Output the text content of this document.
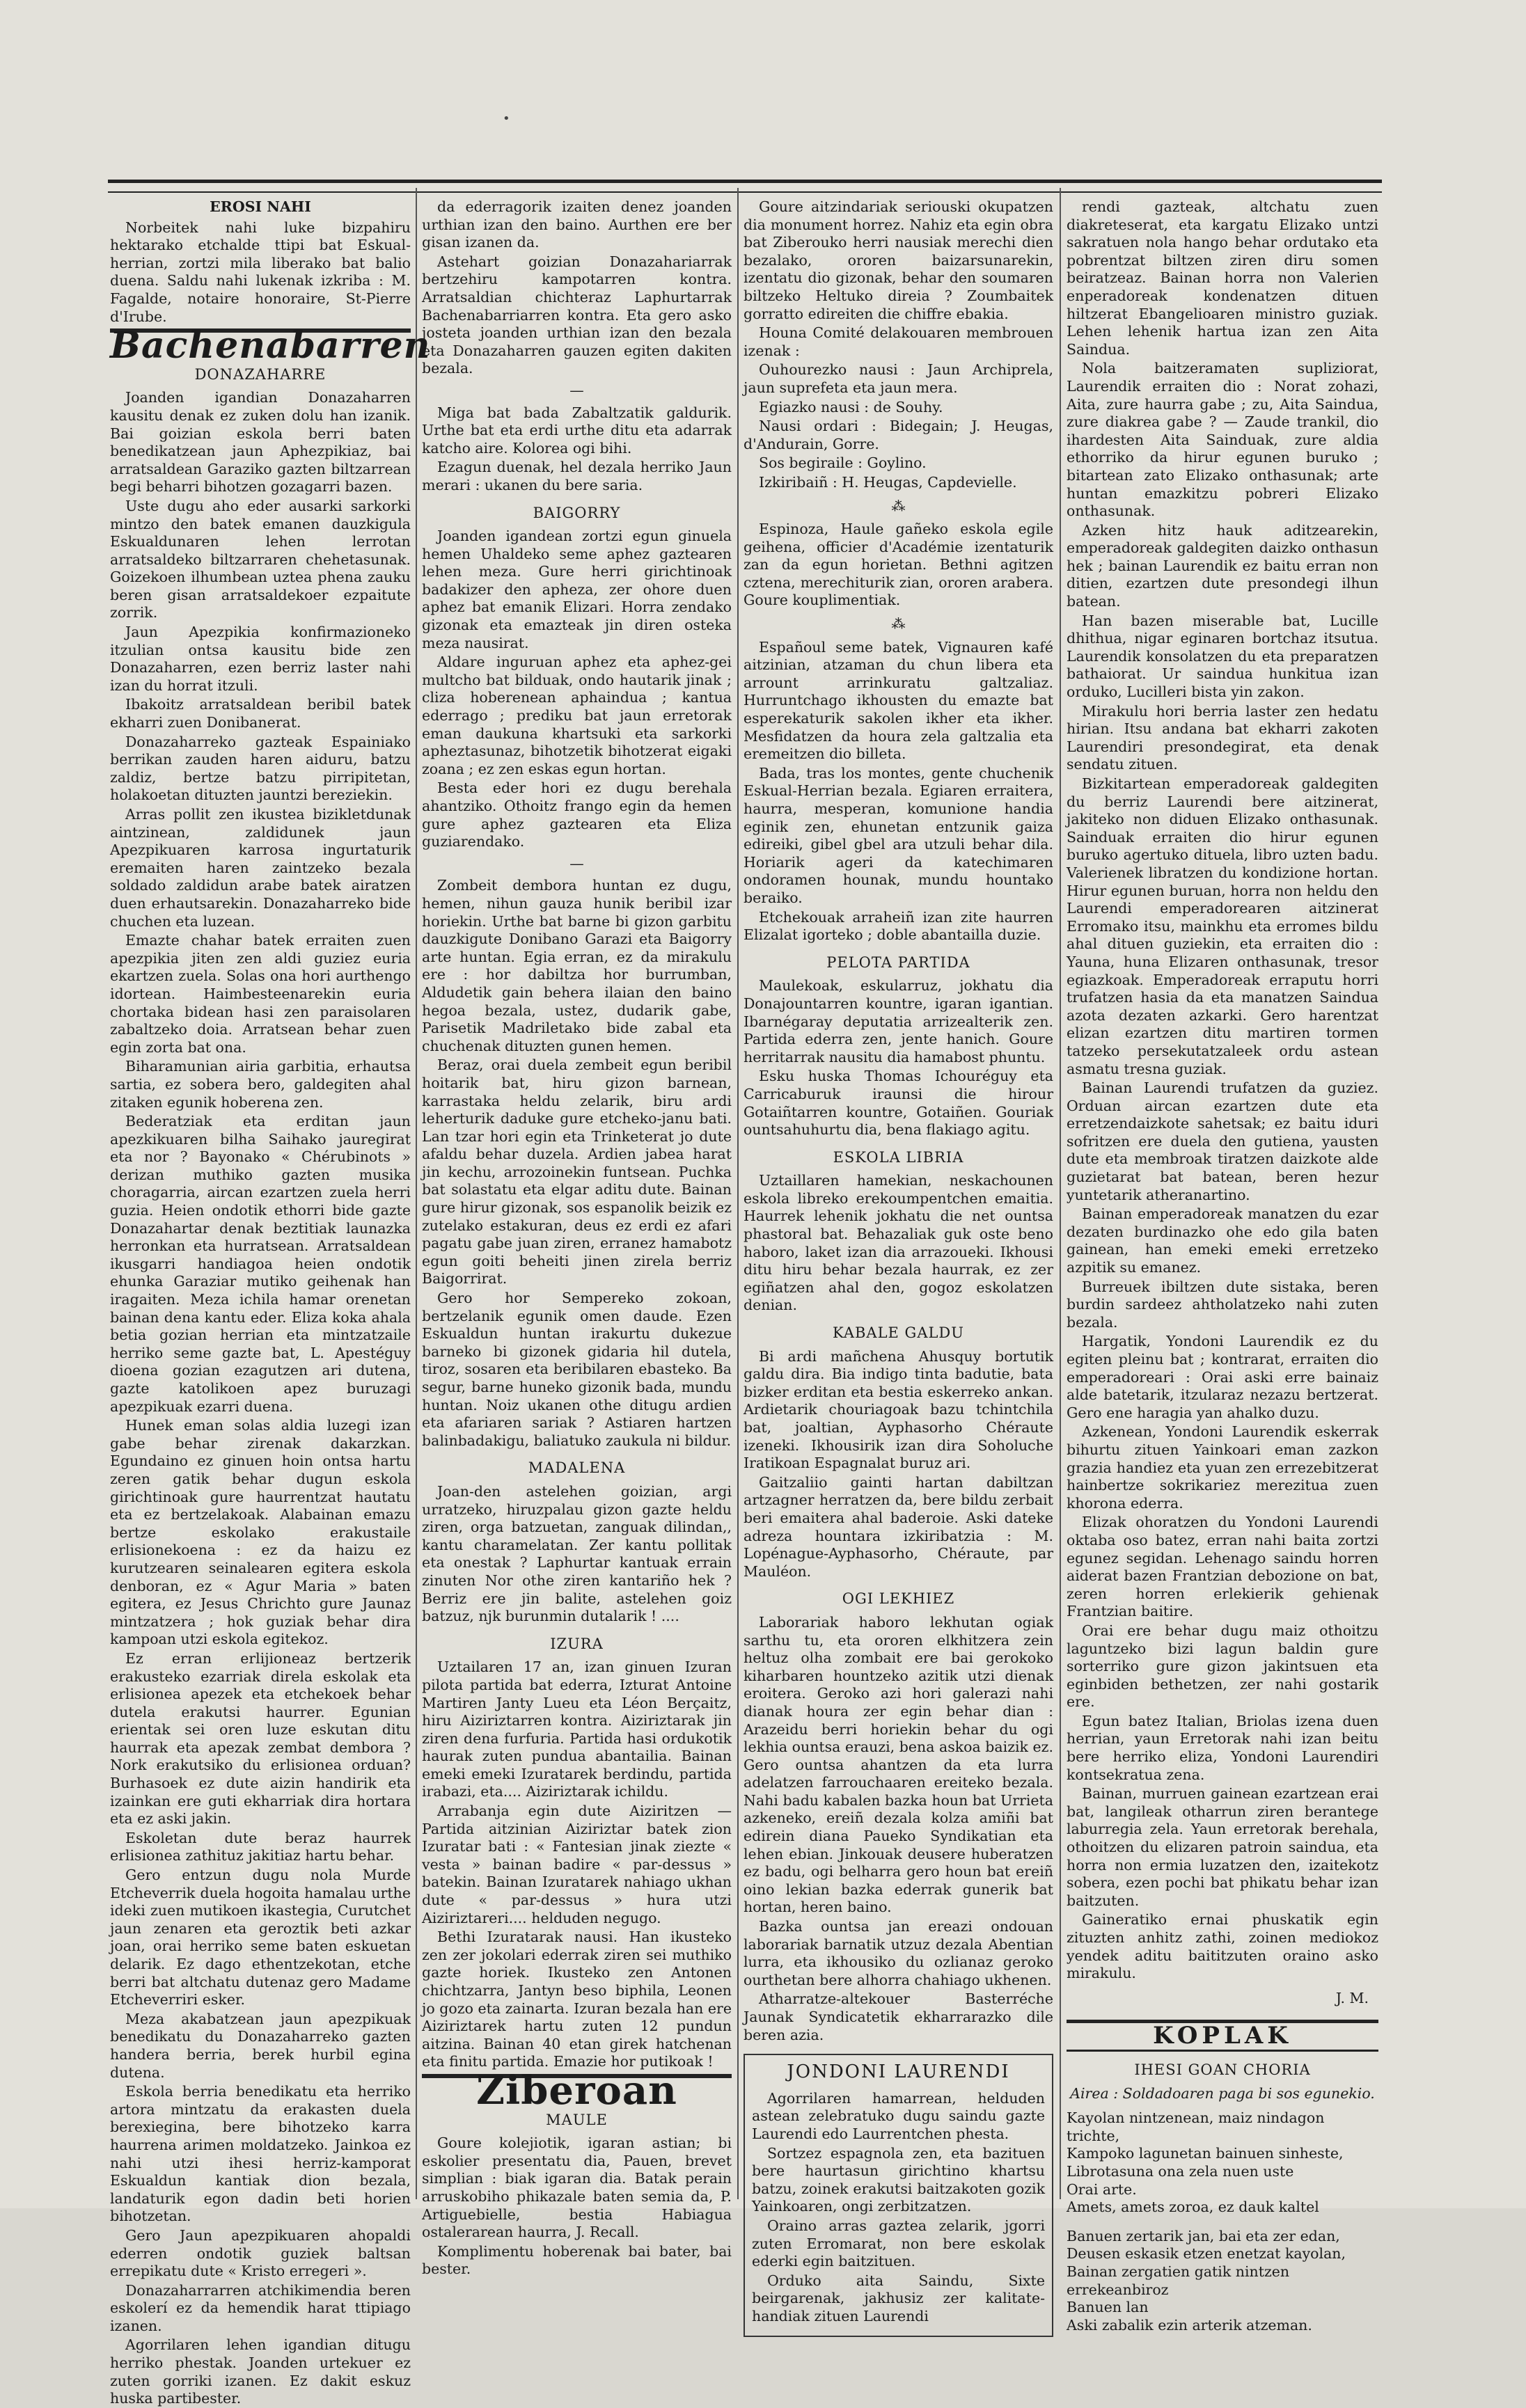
•
EROSI NAHI

Norbeitek nahi luke bizpahiru hektarako etchalde ttipi bat Eskual-herrian, zortzi mila liberako bat balio duena. Saldu nahi lukenak izkriba : M. Fagalde, notaire honoraire, St-Pierre d'Irube.

Bachenabarren
DONAZAHARRE

Joanden igandian Donazaharren kausitu denak ez zuken dolu han izanik. Bai goizian eskola berri baten benedikatzean jaun Aphezpikiaz, bai arratsaldean Garaziko gazten biltzarrean begi beharri bihotzen gozagarri bazen.

Uste dugu aho eder ausarki sarkorki mintzo den batek emanen dauzkigula Eskualdunaren lehen lerrotan arratsaldeko biltzarraren chehetasunak. Goizekoen ilhumbean uztea phena zauku beren gisan arratsaldekoer ezpaitute zorrik.

Jaun Apezpikia konfirmazioneko itzulian ontsa kausitu bide zen Donazaharren, ezen berriz laster nahi izan du horrat itzuli.

Ibakoitz arratsaldean beribil batek ekharri zuen Donibanerat.

Donazaharreko gazteak Espainiako berrikan zauden haren aiduru, batzu zaldiz, bertze batzu pirripitetan, holakoetan dituzten jauntzi bereziekin.

Arras pollit zen ikustea bizikletdunak aintzinean, zaldidunek jaun Apezpikuaren karrosa ingurtaturik eremaiten haren zaintzeko bezala soldado zaldidun arabe batek airatzen duen erhautsarekin. Donazaharreko bide chuchen eta luzean.

Emazte chahar batek erraiten zuen apezpikia jiten zen aldi guziez euria ekartzen zuela. Solas ona hori aurthengo idortean. Haimbesteenarekin euria chortaka bidean hasi zen paraisolaren zabaltzeko doia. Arratsean behar zuen egin zorta bat ona.

Biharamunian airia garbitia, erhautsa sartia, ez sobera bero, galdegiten ahal zitaken egunik hoberena zen.

Bederatziak eta erditan jaun apezkikuaren bilha Saihako jauregirat eta nor ? Bayonako « Chérubinots » derizan muthiko gazten musika choragarria, aircan ezartzen zuela herri guzia. Heien ondotik ethorri bide gazte Donazahartar denak beztitiak launazka herronkan eta hurratsean. Arratsaldean ikusgarri handiagoa heien ondotik ehunka Garaziar mutiko geihenak han iragaiten. Meza ichila hamar orenetan bainan dena kantu eder. Eliza koka ahala betia gozian herrian eta mintzatzaile herriko seme gazte bat, L. Apestéguy dioena gozian ezagutzen ari dutena, gazte katolikoen apez buruzagi apezpikuak ezarri duena.

Hunek eman solas aldia luzegi izan gabe behar zirenak dakarzkan. Egundaino ez ginuen hoin ontsa hartu zeren gatik behar dugun eskola girichtinoak gure haurrentzat hautatu eta ez bertzelakoak. Alabainan emazu bertze eskolako erakustaile erlisionekoena : ez da haizu ez kurutzearen seinalearen egitera eskola denboran, ez « Agur Maria » baten egitera, ez Jesus Chrichto gure Jaunaz mintzatzera ; hok guziak behar dira kampoan utzi eskola egitekoz.

Ez erran erlijioneaz bertzerik erakusteko ezarriak direla eskolak eta erlisionea apezek eta etchekoek behar dutela erakutsi haurrer. Egunian erientak sei oren luze eskutan ditu haurrak eta apezak zembat dembora ? Nork erakutsiko du erlisionea orduan? Burhasoek ez dute aizin handirik eta izainkan ere guti ekharriak dira hortara eta ez aski jakin.

Eskoletan dute beraz haurrek erlisionea zathituz jakitiaz hartu behar.

Gero entzun dugu nola Murde Etcheverrik duela hogoita hamalau urthe ideki zuen mutikoen ikastegia, Curutchet jaun zenaren eta geroztik beti azkar joan, orai herriko seme baten eskuetan delarik. Ez dago ethentzekotan, etche berri bat altchatu dutenaz gero Madame Etcheverriri esker.

Meza akabatzean jaun apezpikuak benedikatu du Donazaharreko gazten handera berria, berek hurbil egina dutena.

Eskola berria benedikatu eta herriko artora mintzatu da erakasten duela berexiegina, bere bihotzeko karra haurrena arimen moldatzeko. Jainkoa ez nahi utzi ihesi herriz-kamporat Eskualdun kantiak dion bezala, landaturik egon dadin beti horien bihotzetan.

Gero Jaun apezpikuaren ahopaldi ederren ondotik guziek baltsan errepikatu dute « Kristo erregeri ».

Donazaharrarren atchikimendia beren eskolerí ez da hemendik harat ttipiago izanen.

Agorrilaren lehen igandian ditugu herriko phestak. Joanden urtekuer ez zuten gorriki izanen. Ez dakit eskuz huska partibester.

da ederragorik izaiten denez joanden urthian izan den baino. Aurthen ere ber gisan izanen da.

Astehart goizian Donazahariarrak bertzehiru kampotarren kontra. Arratsaldian chichteraz Laphurtarrak Bachenabarriarren kontra. Eta gero asko josteta joanden urthian izan den bezala eta Donazaharren gauzen egiten dakiten bezala.

—

Miga bat bada Zabaltzatik galdurik. Urthe bat eta erdi urthe ditu eta adarrak katcho aire. Kolorea ogi bihi.

Ezagun duenak, hel dezala herriko Jaun merari : ukanen du bere saria.

BAIGORRY

Joanden igandean zortzi egun ginuela hemen Uhaldeko seme aphez gaztearen lehen meza. Gure herri girichtinoak badakizer den apheza, zer ohore duen aphez bat emanik Elizari. Horra zendako gizonak eta emazteak jin diren osteka meza nausirat.

Aldare inguruan aphez eta aphez-gei multcho bat bilduak, ondo hautarik jinak ; cliza hoberenean aphaindua ; kantua ederrago ; prediku bat jaun erretorak eman daukuna khartsuki eta sarkorki apheztasunaz, bihotzetik bihotzerat eigaki zoana ; ez zen eskas egun hortan.

Besta eder hori ez dugu berehala ahantziko. Othoitz frango egin da hemen gure aphez gaztearen eta Eliza guziarendako.

—

Zombeit dembora huntan ez dugu, hemen, nihun gauza hunik beribil izar horiekin. Urthe bat barne bi gizon garbitu dauzkigute Donibano Garazi eta Baigorry arte huntan. Egia erran, ez da mirakulu ere : hor dabiltza hor burrumban, Aldudetik gain behera ilaian den baino hegoa bezala, ustez, dudarik gabe, Parisetik Madriletako bide zabal eta chuchenak dituzten gunen hemen.

Beraz, orai duela zembeit egun beribil hoitarik bat, hiru gizon barnean, karrastaka heldu zelarik, biru ardi leherturik daduke gure etcheko-janu bati. Lan tzar hori egin eta Trinketerat jo dute afaldu behar duzela. Ardien jabea harat jin kechu, arrozoinekin funtsean. Puchka bat solastatu eta elgar aditu dute. Bainan gure hirur gizonak, sos espanolik beizik ez zutelako estakuran, deus ez erdi ez afari pagatu gabe juan ziren, erranez hamabotz egun goiti beheiti jinen zirela berriz Baigorrirat.

Gero hor Sempereko zokoan, bertzelanik egunik omen daude. Ezen Eskualdun huntan irakurtu dukezue barneko bi gizonek gidaria hil dutela, tiroz, sosaren eta beribilaren ebasteko. Ba segur, barne huneko gizonik bada, mundu huntan. Noiz ukanen othe ditugu ardien eta afariaren sariak ? Astiaren hartzen balinbadakigu, baliatuko zaukula ni bildur.

MADALENA

Joan-den astelehen goizian, argi urratzeko, hiruzpalau gizon gazte heldu ziren, orga batzuetan, zanguak dilindan,, kantu charamelatan. Zer kantu pollitak eta onestak ? Laphurtar kantuak errain zinuten Nor othe ziren kantariño hek ? Berriz ere jin balite, astelehen goiz batzuz, njk burunmin dutalarik ! ....

IZURA

Uztailaren 17 an, izan ginuen Izuran pilota partida bat ederra, Izturat Antoine Martiren Janty Lueu eta Léon Berçaitz, hiru Aiziriztarren kontra. Aiziriztarak jin ziren dena furfuria. Partida hasi ordukotik haurak zuten pundua abantailia. Bainan emeki emeki Izuratarek berdindu, partida irabazi, eta.... Aiziriztarak ichildu.

Arrabanja egin dute Aiziritzen — Partida aitzinian Aiziriztar batek zion Izuratar bati : « Fantesian jinak ziezte « vesta » bainan badire « par-dessus » batekin. Bainan Izuratarek nahiago ukhan dute « par-dessus » hura utzi Aiziriztareri.... helduden negugo.

Bethi Izuratarak nausi. Han ikusteko zen zer jokolari ederrak ziren sei muthiko gazte horiek. Ikusteko zen Antonen chichtzarra, Jantyn beso biphila, Leonen jo gozo eta zainarta. Izuran bezala han ere Aiziriztarek hartu zuten 12 pundun aitzina. Bainan 40 etan girek hatchenan eta finitu partida. Emazie hor putikoak !

Ziberoan
MAULE

Goure kolejiotik, igaran astian; bi eskolier presentatu dia, Pauen, brevet simplian : biak igaran dia. Batak perain arruskobiho phikazale baten semia da, P. Artiguebielle, bestia Habiagua ostalerarean haurra, J. Recall.

Komplimentu hoberenak bai bater, bai bester.

Goure aitzindariak seriouski okupatzen dia monument horrez. Nahiz eta egin obra bat Ziberouko herri nausiak merechi dien bezalako, ororen baizarsunarekin, izentatu dio gizonak, behar den soumaren biltzeko Heltuko direia ? Zoumbaitek gorratto edireiten die chiffre ebakia.

Houna Comité delakouaren membrouen izenak :

Ouhourezko nausi : Jaun Archiprela, jaun suprefeta eta jaun mera.

Egiazko nausi : de Souhy.

Nausi ordari : Bidegain; J. Heugas, d'Andurain, Gorre.

Sos begiraile : Goylino.

Izkiribaiñ : H. Heugas, Capdevielle.

⁂

Espinoza, Haule gañeko eskola egile geihena, officier d'Académie izentaturik zan da egun horietan. Bethni agitzen cztena, merechiturik zian, ororen arabera. Goure kouplimentiak.

⁂

Españoul seme batek, Vignauren kafé aitzinian, atzaman du chun libera eta arrount arrinkuratu galtzaliaz. Hurruntchago ikhousten du emazte bat esperekaturik sakolen ikher eta ikher. Mesfidatzen da houra zela galtzalia eta eremeitzen dio billeta.

Bada, tras los montes, gente chuchenik Eskual-Herrian bezala. Egiaren erraitera, haurra, mesperan, komunione handia eginik zen, ehunetan entzunik gaiza edireiki, gibel gbel ara utzuli behar dila. Horiarik ageri da katechimaren ondoramen hounak, mundu hountako beraiko.

Etchekouak arraheiñ izan zite haurren Elizalat igorteko ; doble abantailla duzie.

PELOTA PARTIDA

Maulekoak, eskularruz, jokhatu dia Donajountarren kountre, igaran igantian. Ibarnégaray deputatia arrizealterik zen. Partida ederra zen, jente hanich. Goure herritarrak nausitu dia hamabost phuntu.

Esku huska Thomas Ichouréguy eta Carricaburuk iraunsi die hirour Gotaiñtarren kountre, Gotaiñen. Gouriak ountsahuhurtu dia, bena flakiago agitu.

ESKOLA LIBRIA

Uztaillaren hamekian, neskachounen eskola libreko erekoumpentchen emaitia. Haurrek lehenik jokhatu die net ountsa phastoral bat. Behazaliak guk oste beno haboro, laket izan dia arrazoueki. Ikhousi ditu hiru behar bezala haurrak, ez zer egiñatzen ahal den, gogoz eskolatzen denian.

KABALE GALDU

Bi ardi mañchena Ahusquy bortutik galdu dira. Bia indigo tinta badutie, bata bizker erditan eta bestia eskerreko ankan. Ardietarik chouriagoak bazu tchintchila bat, joaltian, Ayphasorho Chéraute izeneki. Ikhousirik izan dira Soholuche Iratikoan Espagnalat buruz ari.

Gaitzaliio gainti hartan dabiltzan artzagner herratzen da, bere bildu zerbait beri emaitera ahal baderoie. Aski dateke adreza hountara izkiribatzia : M. Lopénague-Ayphasorho, Chéraute, par Mauléon.

OGI LEKHIEZ

Laborariak haboro lekhutan ogiak sarthu tu, eta ororen elkhitzera zein heltuz olha zombait ere bai gerokoko kiharbaren hountzeko azitik utzi dienak eroitera. Geroko azi hori galerazi nahi dianak houra zer egin behar dian : Arazeidu berri horiekin behar du ogi lekhia ountsa erauzi, bena askoa baizik ez. Gero ountsa ahantzen da eta lurra adelatzen farrouchaaren ereiteko bezala. Nahi badu kabalen bazka houn bat Urrieta azkeneko, ereiñ dezala kolza amiñi bat edirein diana Paueko Syndikatian eta lehen ebian. Jinkouak deusere huberatzen ez badu, ogi belharra gero houn bat ereiñ oino lekian bazka ederrak gunerik bat hortan, heren baino.

Bazka ountsa jan ereazi ondouan laborariak barnatik utzuz dezala Abentian lurra, eta ikhousiko du ozlianaz geroko ourthetan bere alhorra chahiago ukhenen.

Atharratze-altekouer Basterréche Jaunak Syndicatetik ekharrarazko dile beren azia.

JONDONI LAURENDI

Agorrilaren hamarrean, helduden astean zelebratuko dugu saindu gazte Laurendi edo Laurrentchen phesta.

Sortzez espagnola zen, eta bazituen bere haurtasun girichtino khartsu batzu, zoinek erakutsi baitzakoten gozik Yainkoaren, ongi zerbitzatzen.

Oraino arras gaztea zelarik, jgorri zuten Erromarat, non bere eskolak ederki egin baitzituen.

Orduko aita Saindu, Sixte beirgarenak, jakhusiz zer kalitate-handiak zituen Laurendi

rendi gazteak, altchatu zuen diakreteserat, eta kargatu Elizako untzi sakratuen nola hango behar ordutako eta pobrentzat biltzen ziren diru somen beiratzeaz. Bainan horra non Valerien enperadoreak kondenatzen dituen hiltzerat Ebangelioaren ministro guziak. Lehen lehenik hartua izan zen Aita Saindua.

Nola baitzeramaten supliziorat, Laurendik erraiten dio : Norat zohazi, Aita, zure haurra gabe ; zu, Aita Saindua, zure diakrea gabe ? — Zaude trankil, dio ihardesten Aita Sainduak, zure aldia ethorriko da hirur egunen buruko ; bitartean zato Elizako onthasunak; arte huntan emazkitzu pobreri Elizako onthasunak.

Azken hitz hauk aditzearekin, emperadoreak galdegiten daizko onthasun hek ; bainan Laurendik ez baitu erran non ditien, ezartzen dute presondegi ilhun batean.

Han bazen miserable bat, Lucille dhithua, nigar eginaren bortchaz itsutua. Laurendik konsolatzen du eta preparatzen bathaiorat. Ur saindua hunkitua izan orduko, Lucilleri bista yin zakon.

Mirakulu hori berria laster zen hedatu hirian. Itsu andana bat ekharri zakoten Laurendiri presondegirat, eta denak sendatu zituen.

Bizkitartean emperadoreak galdegiten du berriz Laurendi bere aitzinerat, jakiteko non diduen Elizako onthasunak. Sainduak erraiten dio hirur egunen buruko agertuko dituela, libro uzten badu. Valerienek libratzen du kondizione hortan. Hirur egunen buruan, horra non heldu den Laurendi emperadorearen aitzinerat Erromako itsu, mainkhu eta erromes bildu ahal dituen guziekin, eta erraiten dio : Yauna, huna Elizaren onthasunak, tresor egiazkoak. Emperadoreak erraputu horri trufatzen hasia da eta manatzen Saindua azota dezaten azkarki. Gero harentzat elizan ezartzen ditu martiren tormen tatzeko persekutatzaleek ordu astean asmatu tresna guziak.

Bainan Laurendi trufatzen da guziez. Orduan aircan ezartzen dute eta erretzendaizkote sahetsak; ez baitu iduri sofritzen ere duela den gutiena, yausten dute eta membroak tiratzen daizkote alde guzietarat bat batean, beren hezur yuntetarik atheranartino.

Bainan emperadoreak manatzen du ezar dezaten burdinazko ohe edo gila baten gainean, han emeki emeki erretzeko azpitik su emanez.

Burreuek ibiltzen dute sistaka, beren burdin sardeez ahtholatzeko nahi zuten bezala.

Hargatik, Yondoni Laurendik ez du egiten pleinu bat ; kontrarat, erraiten dio emperadoreari : Orai aski erre bainaiz alde batetarik, itzularaz nezazu bertzerat. Gero ene haragia yan ahalko duzu.

Azkenean, Yondoni Laurendik eskerrak bihurtu zituen Yainkoari eman zazkon grazia handiez eta yuan zen errezebitzerat hainbertze sokrikariez merezitua zuen khorona ederra.

Elizak ohoratzen du Yondoni Laurendi oktaba oso batez, erran nahi baita zortzi egunez segidan. Lehenago saindu horren aiderat bazen Frantzian debozione on bat, zeren horren erlekierik gehienak Frantzian baitire.

Orai ere behar dugu maiz othoitzu laguntzeko bizi lagun baldin gure sorterriko gure gizon jakintsuen eta eginbiden bethetzen, zer nahi gostarik ere.

Egun batez Italian, Briolas izena duen herrian, yaun Erretorak nahi izan beitu bere herriko eliza, Yondoni Laurendiri kontsekratua zena.

Bainan, murruen gainean ezartzean erai bat, langileak otharrun ziren berantege laburregia zela. Yaun erretorak berehala, othoitzen du elizaren patroin saindua, eta horra non ermia luzatzen den, izaitekotz sobera, ezen pochi bat phikatu behar izan baitzuten.

Gaineratiko ernai phuskatik egin zituzten anhitz zathi, zoinen mediokoz yendek aditu baititzuten oraino asko mirakulu.

J. M.
KOPLAK
IHESI GOAN CHORIA
Airea : Soldadoaren paga bi sos egunekio.

Kayolan nintzenean, maiz nindagon trichte,

Kampoko lagunetan bainuen sinheste,

Librotasuna ona zela nuen uste

Orai arte.

Amets, amets zoroa, ez dauk kaltel

Banuen zertarik jan, bai eta zer edan,

Deusen eskasik etzen enetzat kayolan,

Bainan zergatien gatik nintzen errekeanbiroz

Banuen lan

Aski zabalik ezin arterik atzeman.
